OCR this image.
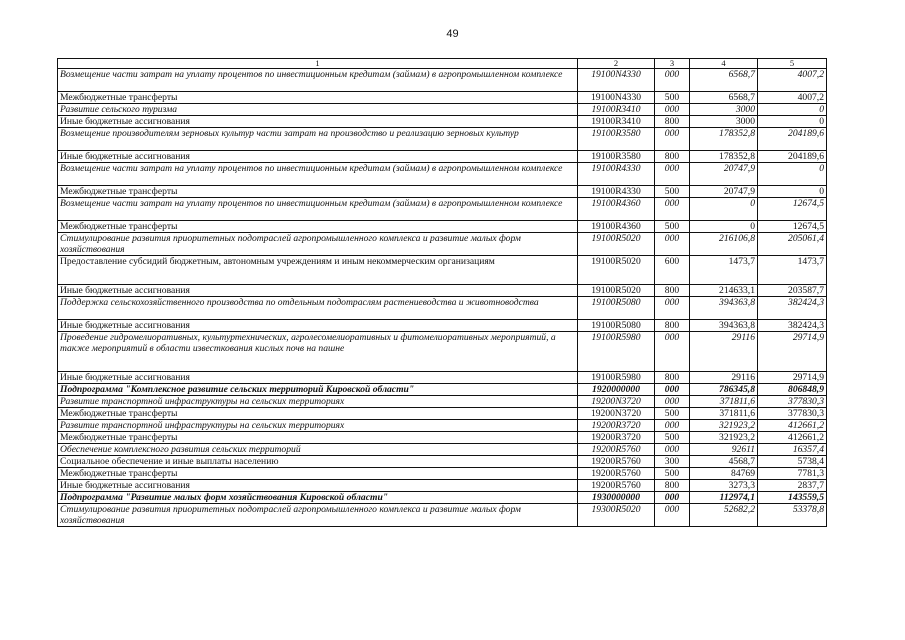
49
1	2	3	4	5
Возмещение части затрат на уплату процентов по инвестиционным кредитам (займам) в агропромышленном комплексе	19100N4330	000	6568,7	4007,2
Межбюджетные трансферты	19100N4330	500	6568,7	4007,2
Развитие сельского туризма	19100R3410	000	3000	0
Иные бюджетные ассигнования	19100R3410	800	3000	0
Возмещение производителям зерновых культур части затрат на производство и реализацию зерновых культур	19100R3580	000	178352,8	204189,6
Иные бюджетные ассигнования	19100R3580	800	178352,8	204189,6
Возмещение части затрат на уплату процентов по инвестиционным кредитам (займам) в агропромышленном комплексе	19100R4330	000	20747,9	0
Межбюджетные трансферты	19100R4330	500	20747,9	0
Возмещение части затрат на уплату процентов по инвестиционным кредитам (займам) в агропромышленном комплексе	19100R4360	000	0	12674,5
Межбюджетные трансферты	19100R4360	500	0	12674,5
Стимулирование развития приоритетных подотраслей агропромышленного комплекса и развитие малых форм хозяйствования	19100R5020	000	216106,8	205061,4
Предоставление субсидий бюджетным, автономным учреждениям и иным некоммерческим организациям	19100R5020	600	1473,7	1473,7
Иные бюджетные ассигнования	19100R5020	800	214633,1	203587,7
Поддержка сельскохозяйственного производства по отдельным подотраслям растениеводства и животноводства	19100R5080	000	394363,8	382424,3
Иные бюджетные ассигнования	19100R5080	800	394363,8	382424,3
Проведение гидромелиоративных, культуртехнических, агролесомелиоративных и фитомелиоративных мероприятий, а также мероприятий в области известкования кислых почв на пашне	19100R5980	000	29116	29714,9
Иные бюджетные ассигнования	19100R5980	800	29116	29714,9
Подпрограмма "Комплексное развитие сельских территорий Кировской области"	1920000000	000	786345,8	806848,9
Развитие транспортной инфраструктуры на сельских территориях	19200N3720	000	371811,6	377830,3
Межбюджетные трансферты	19200N3720	500	371811,6	377830,3
Развитие транспортной инфраструктуры на сельских территориях	19200R3720	000	321923,2	412661,2
Межбюджетные трансферты	19200R3720	500	321923,2	412661,2
Обеспечение комплексного развития сельских территорий	19200R5760	000	92611	16357,4
Социальное обеспечение и иные выплаты населению	19200R5760	300	4568,7	5738,4
Межбюджетные трансферты	19200R5760	500	84769	7781,3
Иные бюджетные ассигнования	19200R5760	800	3273,3	2837,7
Подпрограмма "Развитие малых форм хозяйствования Кировской области"	1930000000	000	112974,1	143559,5
Стимулирование развития приоритетных подотраслей агропромышленного комплекса и развитие малых форм хозяйствования	19300R5020	000	52682,2	53378,8
